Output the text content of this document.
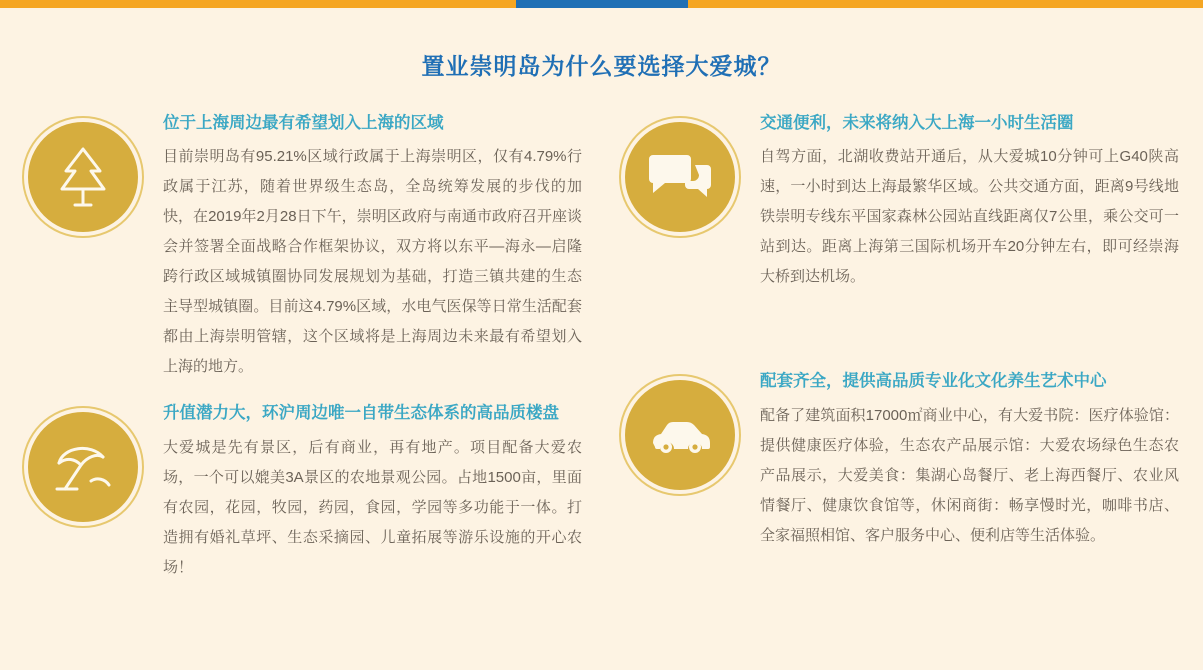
置业崇明岛为什么要选择大爱城？
位于上海周边最有希望划入上海的区域
目前崇明岛有95.21%区域行政属于上海崇明区，仅有4.79%行政属于江苏，随着世界级生态岛，全岛统筹发展的步伐的加快，在2019年2月28日下午，崇明区政府与南通市政府召开座谈会并签署全面战略合作框架协议，双方将以东平—海永—启隆跨行政区域城镇圈协同发展规划为基础，打造三镇共建的生态主导型城镇圈。目前这4.79%区域，水电气医保等日常生活配套都由上海崇明管辖，这个区域将是上海周边未来最有希望划入上海的地方。
升值潜力大，环沪周边唯一自带生态体系的高品质楼盘
大爱城是先有景区，后有商业，再有地产。项目配备大爱农场，一个可以媲美3A景区的农地景观公园。占地1500亩，里面有农园，花园，牧园，药园，食园，学园等多功能于一体。打造拥有婚礼草坪、生态采摘园、儿童拓展等游乐设施的开心农场！
交通便利，未来将纳入大上海一小时生活圈
自驾方面，北湖收费站开通后，从大爱城10分钟可上G40陕高速，一小时到达上海最繁华区域。公共交通方面，距离9号线地铁崇明专线东平国家森林公园站直线距离仅7公里，乘公交可一站到达。距离上海第三国际机场开车20分钟左右，即可经崇海大桥到达机场。
配套齐全，提供高品质专业化文化养生艺术中心
配备了建筑面积17000㎡商业中心，有大爱书院：医疗体验馆：提供健康医疗体验，生态农产品展示馆：大爱农场绿色生态农产品展示，大爱美食：集湖心岛餐厅、老上海西餐厅、农业风情餐厅、健康饮食馆等，休闲商街：畅享慢时光，咖啡书店、全家福照相馆、客户服务中心、便利店等生活体验。
